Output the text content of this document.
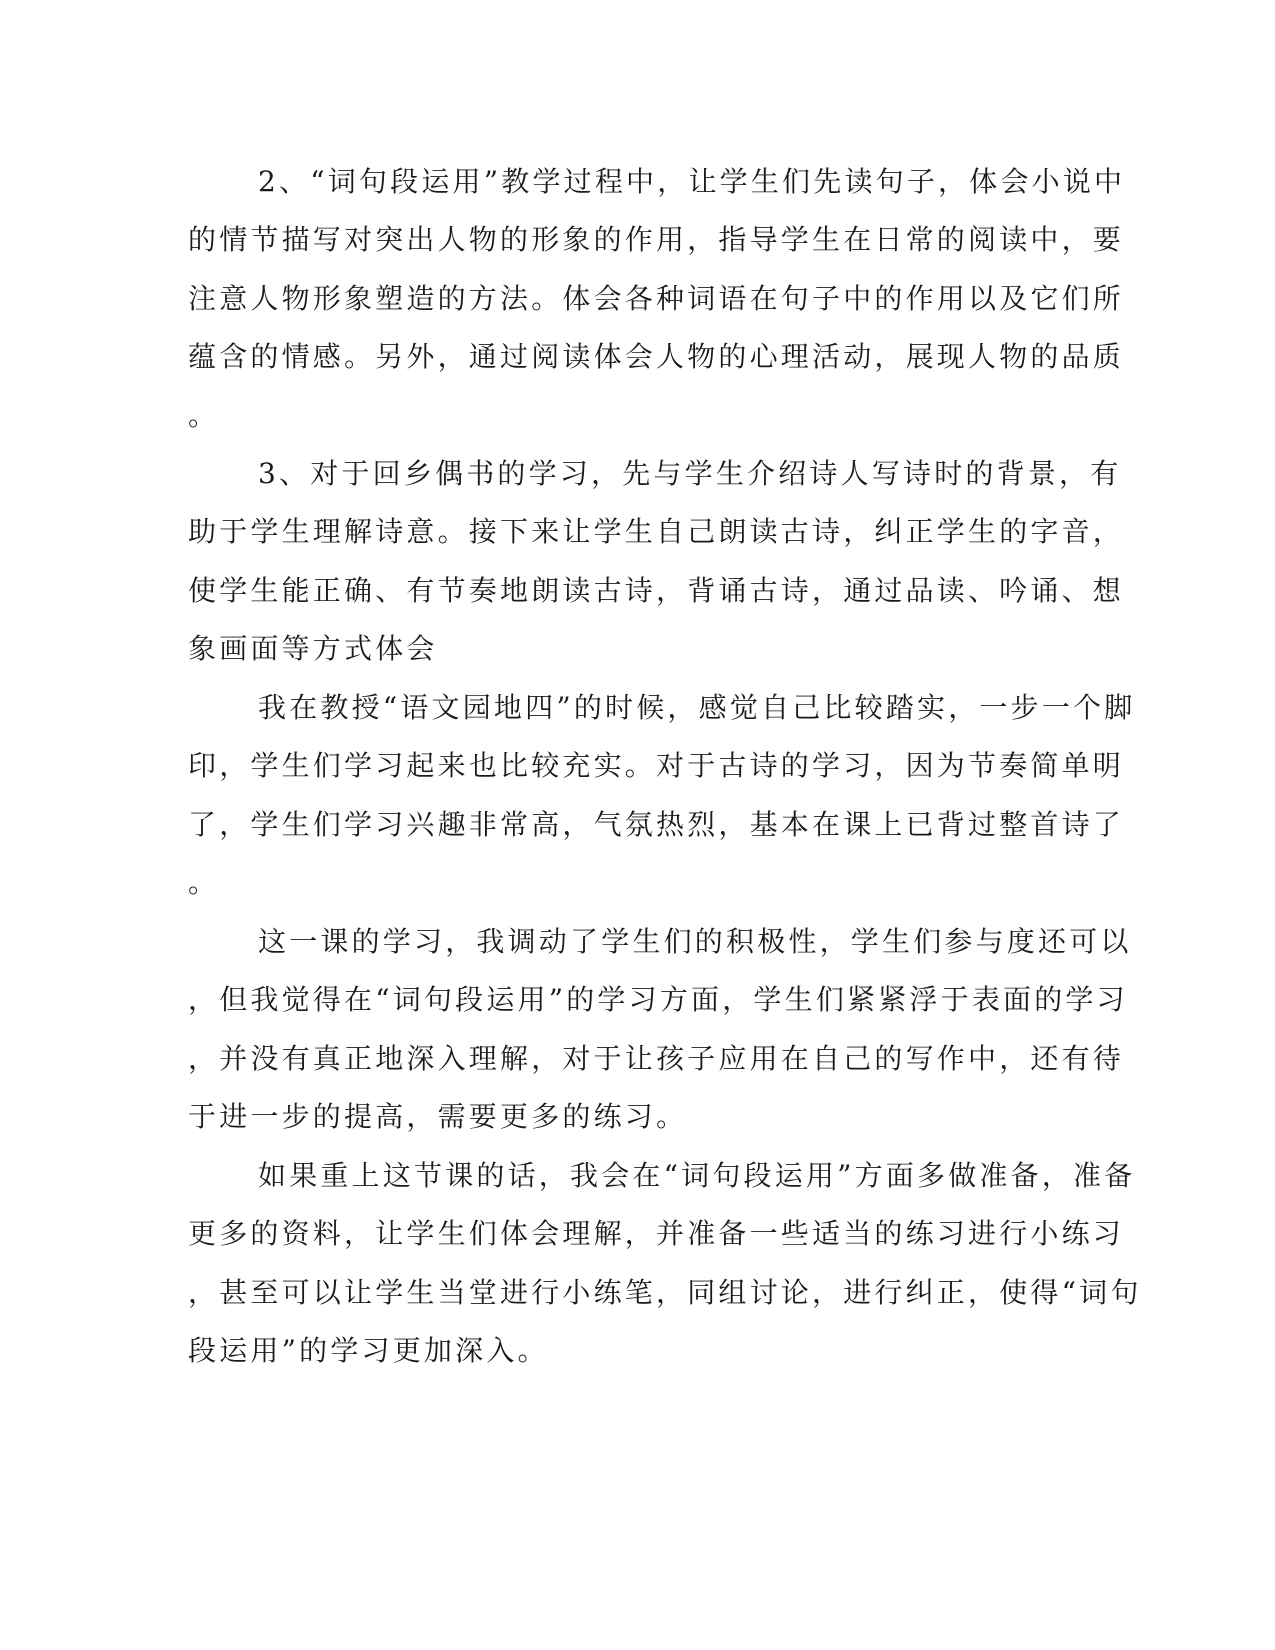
2、“词句段运用”教学过程中，让学生们先读句子，体会小说中

的情节描写对突出人物的形象的作用，指导学生在日常的阅读中，要

注意人物形象塑造的方法。体会各种词语在句子中的作用以及它们所

蕴含的情感。另外，通过阅读体会人物的心理活动，展现人物的品质

。

3、对于回乡偶书的学习，先与学生介绍诗人写诗时的背景，有

助于学生理解诗意。接下来让学生自己朗读古诗，纠正学生的字音，

使学生能正确、有节奏地朗读古诗，背诵古诗，通过品读、吟诵、想

象画面等方式体会

我在教授“语文园地四”的时候，感觉自己比较踏实，一步一个脚

印，学生们学习起来也比较充实。对于古诗的学习，因为节奏简单明

了，学生们学习兴趣非常高，气氛热烈，基本在课上已背过整首诗了

。

这一课的学习，我调动了学生们的积极性，学生们参与度还可以

，但我觉得在“词句段运用”的学习方面，学生们紧紧浮于表面的学习

，并没有真正地深入理解，对于让孩子应用在自己的写作中，还有待

于进一步的提高，需要更多的练习。

如果重上这节课的话，我会在“词句段运用”方面多做准备，准备

更多的资料，让学生们体会理解，并准备一些适当的练习进行小练习

，甚至可以让学生当堂进行小练笔，同组讨论，进行纠正，使得“词句

段运用”的学习更加深入。
